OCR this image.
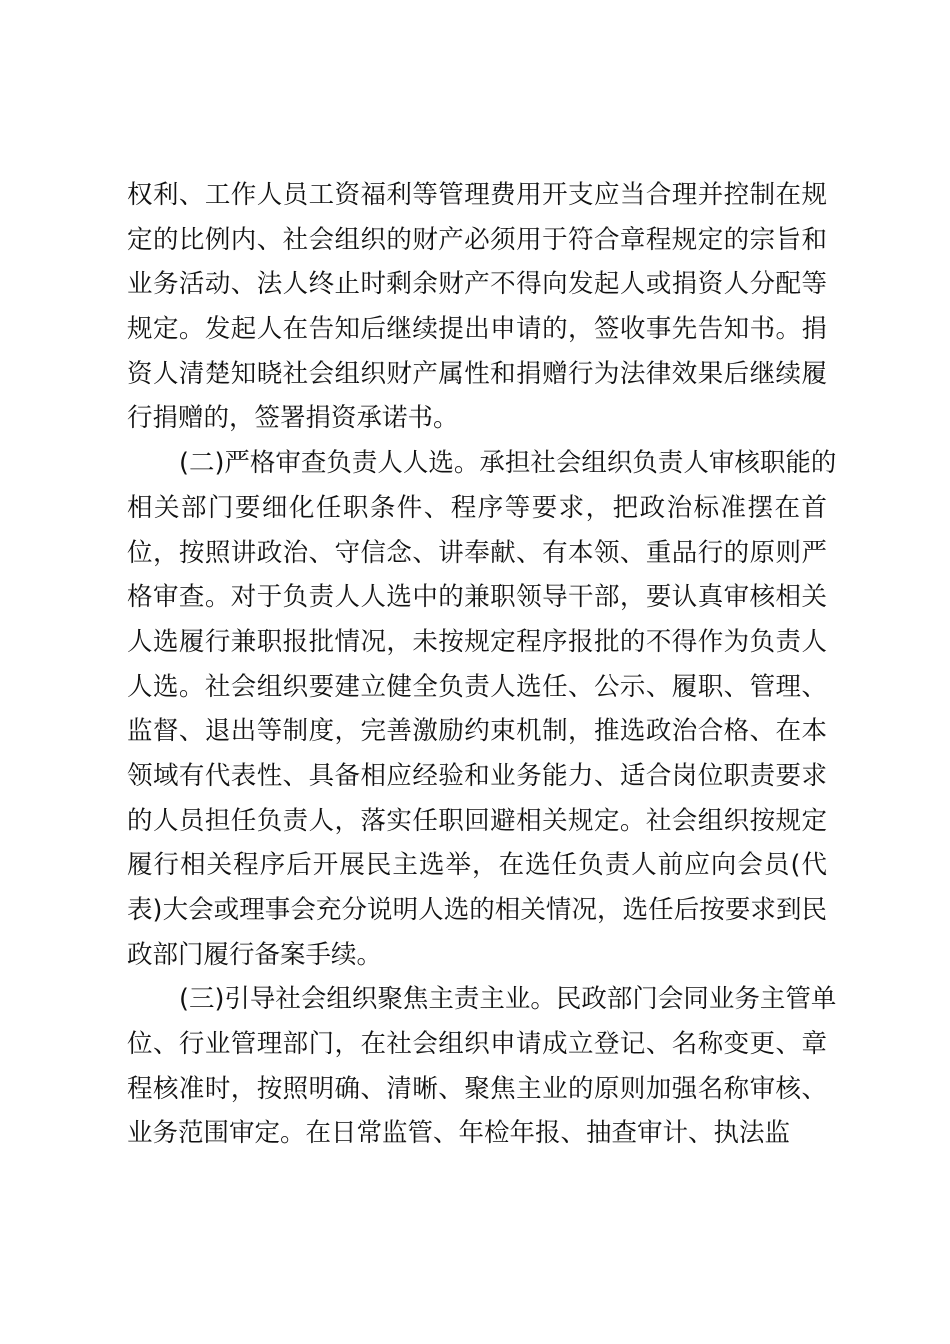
权利、工作人员工资福利等管理费用开支应当合理并控制在规
定的比例内、社会组织的财产必须用于符合章程规定的宗旨和
业务活动、法人终止时剩余财产不得向发起人或捐资人分配等
规定。发起人在告知后继续提出申请的，签收事先告知书。捐
资人清楚知晓社会组织财产属性和捐赠行为法律效果后继续履
行捐赠的，签署捐资承诺书。
(二)严格审查负责人人选。承担社会组织负责人审核职能的
相关部门要细化任职条件、程序等要求，把政治标准摆在首
位，按照讲政治、守信念、讲奉献、有本领、重品行的原则严
格审查。对于负责人人选中的兼职领导干部，要认真审核相关
人选履行兼职报批情况，未按规定程序报批的不得作为负责人
人选。社会组织要建立健全负责人选任、公示、履职、管理、
监督、退出等制度，完善激励约束机制，推选政治合格、在本
领域有代表性、具备相应经验和业务能力、适合岗位职责要求
的人员担任负责人，落实任职回避相关规定。社会组织按规定
履行相关程序后开展民主选举，在选任负责人前应向会员(代
表)大会或理事会充分说明人选的相关情况，选任后按要求到民
政部门履行备案手续。
(三)引导社会组织聚焦主责主业。民政部门会同业务主管单
位、行业管理部门，在社会组织申请成立登记、名称变更、章
程核准时，按照明确、清晰、聚焦主业的原则加强名称审核、
业务范围审定。在日常监管、年检年报、抽查审计、执法监
